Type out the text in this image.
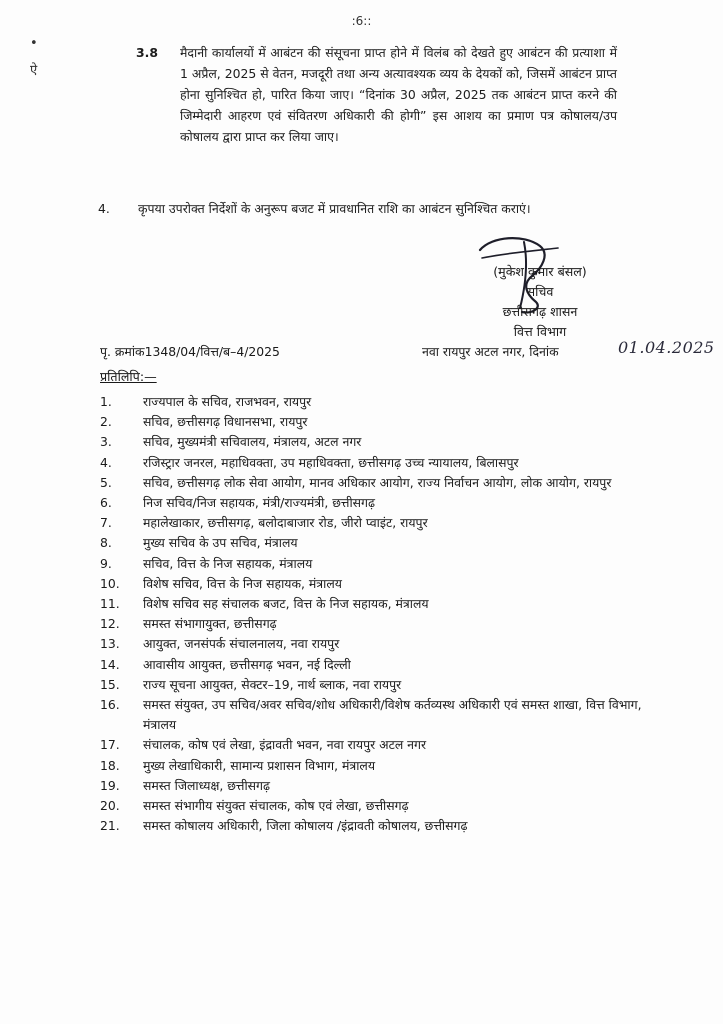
:6::
•
ऐ
3.8 मैदानी कार्यालयों में आबंटन की संसूचना प्राप्त होने में विलंब को देखते हुए आबंटन की प्रत्याशा में 1 अप्रैल, 2025 से वेतन, मजदूरी तथा अन्य अत्यावश्यक व्यय के देयकों को, जिसमें आबंटन प्राप्त होना सुनिश्चित हो, पारित किया जाए। “दिनांक 30 अप्रैल, 2025 तक आबंटन प्राप्त करने की जिम्मेदारी आहरण एवं संवितरण अधिकारी की होगी” इस आशय का प्रमाण पत्र कोषालय/उप कोषालय द्वारा प्राप्त कर लिया जाए।

4. कृपया उपरोक्त निर्देशों के अनुरूप बजट में प्रावधानित राशि का आबंटन सुनिश्चित कराएं।

(मुकेश कुमार बंसल)
सचिव
छत्तीसगढ़ शासन
वित्त विभाग
पृ. क्रमांक1348/04/वित्त/ब–4/2025	नवा रायपुर अटल नगर, दिनांक	01.04.2025
प्रतिलिपि:—
1.	राज्यपाल के सचिव, राजभवन, रायपुर
2.	सचिव, छत्तीसगढ़ विधानसभा, रायपुर
3.	सचिव, मुख्यमंत्री सचिवालय, मंत्रालय, अटल नगर
4.	रजिस्ट्रार जनरल, महाधिवक्ता, उप महाधिवक्ता, छत्तीसगढ़ उच्च न्यायालय, बिलासपुर
5.	सचिव, छत्तीसगढ़ लोक सेवा आयोग, मानव अधिकार आयोग, राज्य निर्वाचन आयोग, लोक आयोग, रायपुर
6.	निज सचिव/निज सहायक, मंत्री/राज्यमंत्री, छत्तीसगढ़
7.	महालेखाकार, छत्तीसगढ़, बलोदाबाजार रोड, जीरो प्वाइंट, रायपुर
8.	मुख्य सचिव के उप सचिव, मंत्रालय
9.	सचिव, वित्त के निज सहायक, मंत्रालय
10.	विशेष सचिव, वित्त के निज सहायक, मंत्रालय
11.	विशेष सचिव सह संचालक बजट, वित्त के निज सहायक, मंत्रालय
12.	समस्त संभागायुक्त, छत्तीसगढ़
13.	आयुक्त, जनसंपर्क संचालनालय, नवा रायपुर
14.	आवासीय आयुक्त, छत्तीसगढ़ भवन, नई दिल्ली
15.	राज्य सूचना आयुक्त, सेक्टर–19, नार्थ ब्लाक, नवा रायपुर
16.	समस्त संयुक्त, उप सचिव/अवर सचिव/शोध अधिकारी/विशेष कर्तव्यस्थ अधिकारी एवं समस्त शाखा, वित्त विभाग, मंत्रालय
17.	संचालक, कोष एवं लेखा, इंद्रावती भवन, नवा रायपुर अटल नगर
18.	मुख्य लेखाधिकारी, सामान्य प्रशासन विभाग, मंत्रालय
19.	समस्त जिलाध्यक्ष, छत्तीसगढ़
20.	समस्त संभागीय संयुक्त संचालक, कोष एवं लेखा, छत्तीसगढ़
21.	समस्त कोषालय अधिकारी, जिला कोषालय /इंद्रावती कोषालय, छत्तीसगढ़
